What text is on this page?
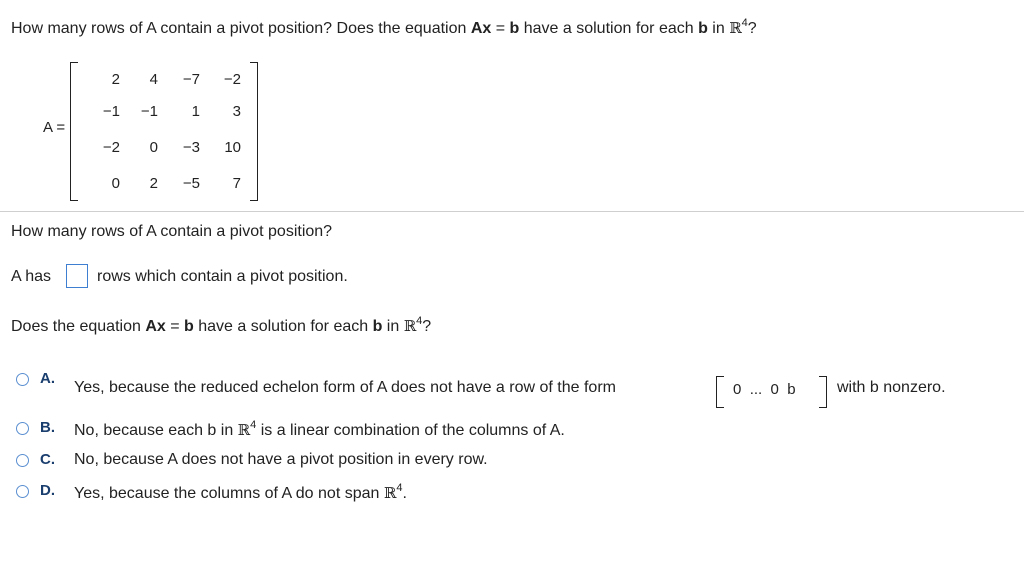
How many rows of A contain a pivot position? Does the equation Ax = b have a solution for each b in ℝ$^4$?
A =
2	4	−7	−2
−1	−1	1	3
−2	0	−3	10
0	2	−5	7
How many rows of A contain a pivot position?
A has	rows which contain a pivot position.
Does the equation Ax = b have a solution for each b in ℝ$^4$?
A.
Yes, because the reduced echelon form of A does not have a row of the form	0 ... 0 b	with b nonzero.
B. No, because each b in ℝ$^4$ is a linear combination of the columns of A.
C. No, because A does not have a pivot position in every row.
D. Yes, because the columns of A do not span ℝ$^4$.
